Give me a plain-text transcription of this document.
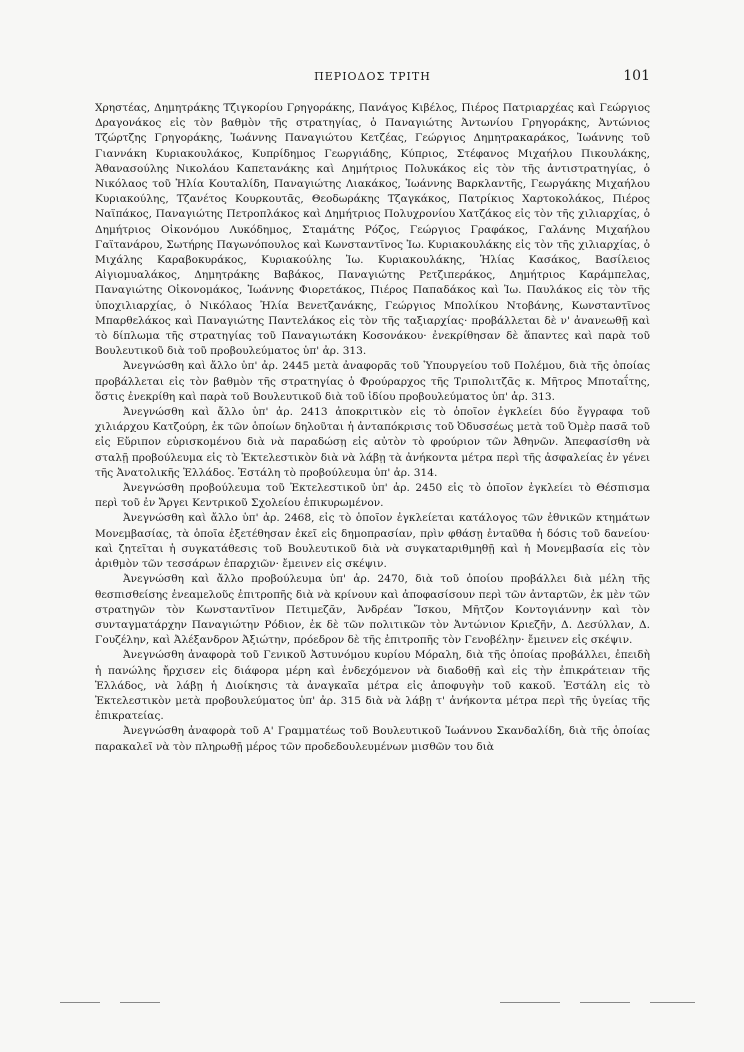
ΠΕΡΙΟΔΟΣ ΤΡΙΤΗ	101

Χρηστέας, Δημητράκης Τζιγκορίου Γρηγοράκης, Πανάγος Κιβέλος, Πιέρος Πατριαρχέας καὶ Γεώργιος Δραγονάκος εἰς τὸν βαθμὸν τῆς στρατηγίας, ὁ Παναγιώτης Ἀντωνίου Γρηγοράκης, Ἀντώνιος Τζώρτζης Γρηγοράκης, Ἰωάννης Παναγιώτου Κετζέας, Γεώργιος Δημητρακαράκος, Ἰωάννης τοῦ Γιαννάκη Κυριακουλάκος, Κυπρίδημος Γεωργιάδης, Κύπριος, Στέφανος Μιχαήλου Πικουλάκης, Ἀθανασούλης Νικολάου Καπετανάκης καὶ Δημήτριος Πολυκάκος εἰς τὸν τῆς ἀντιστρατηγίας, ὁ Νικόλαος τοῦ Ἠλία Κουταλίδη, Παναγιώτης Λιακάκος, Ἰωάννης Βαρκλαντῆς, Γεωργάκης Μιχαήλου Κυριακούλης, Τζανέτος Κουρκουτᾶς, Θεοδωράκης Τζαγκάκος, Πατρίκιος Χαρτοκολάκος, Πιέρος Ναϊπάκος, Παναγιώτης Πετροπλάκος καὶ Δημήτριος Πολυχρονίου Χατζάκος εἰς τὸν τῆς χιλιαρχίας, ὁ Δημήτριος Οἰκονόμου Λυκόδημος, Σταμάτης Ρόζος, Γεώργιος Γραφάκος, Γαλάνης Μιχαήλου Γαϊτανάρου, Σωτήρης Παγωνόπουλος καὶ Κωνσταντῖνος Ἰω. Κυριακουλάκης εἰς τὸν τῆς χιλιαρχίας, ὁ Μιχάλης Καραβοκυράκος, Κυριακούλης Ἰω. Κυριακουλάκης, Ἠλίας Κασάκος, Βασίλειος Αἰγιομυαλάκος, Δημητράκης Βαβάκος, Παναγιώτης Ρετζιπεράκος, Δημήτριος Καράμπελας, Παναγιώτης Οἰκονομάκος, Ἰωάννης Φιορετάκος, Πιέρος Παπαδάκος καὶ Ἰω. Παυλάκος εἰς τὸν τῆς ὑποχιλιαρχίας, ὁ Νικόλαος Ἠλία Βενετζανάκης, Γεώργιος Μπολίκου Ντοβάνης, Κωνσταντῖνος Μπαρθελάκος καὶ Παναγιώτης Παντελάκος εἰς τὸν τῆς ταξιαρχίας· προβάλλεται δὲ ν' ἀνανεωθῇ καὶ τὸ δίπλωμα τῆς στρατηγίας τοῦ Παναγιωτάκη Κοσονάκου· ἐνεκρίθησαν δὲ ἅπαντες καὶ παρὰ τοῦ Βουλευτικοῦ διὰ τοῦ προβουλεύματος ὑπ' ἀρ. 313.

Ἀνεγνώσθη καὶ ἄλλο ὑπ' ἀρ. 2445 μετὰ ἀναφορᾶς τοῦ Ὑπουργείου τοῦ Πολέμου, διὰ τῆς ὁποίας προβάλλεται εἰς τὸν βαθμὸν τῆς στρατηγίας ὁ Φρούραρχος τῆς Τριπολιτζᾶς κ. Μῆτρος Μποταΐτης, ὅστις ἐνεκρίθη καὶ παρὰ τοῦ Βουλευτικοῦ διὰ τοῦ ἰδίου προβουλεύματος ὑπ' ἀρ. 313.

Ἀνεγνώσθη καὶ ἄλλο ὑπ' ἀρ. 2413 ἀποκριτικὸν εἰς τὸ ὁποῖον ἐγκλείει δύο ἔγγραφα τοῦ χιλιάρχου Κατζούρη, ἐκ τῶν ὁποίων δηλοῦται ἡ ἀνταπόκρισις τοῦ Ὀδυσσέως μετὰ τοῦ Ὀμὲρ πασᾶ τοῦ εἰς Εὔριπον εὑρισκομένου διὰ νὰ παραδώσῃ εἰς αὐτὸν τὸ φρούριον τῶν Ἀθηνῶν. Ἀπεφασίσθη νὰ σταλῇ προβούλευμα εἰς τὸ Ἐκτελεστικὸν διὰ νὰ λάβῃ τὰ ἀνήκοντα μέτρα περὶ τῆς ἀσφαλείας ἐν γένει τῆς Ἀνατολικῆς Ἑλλάδος. Ἐστάλη τὸ προβούλευμα ὑπ' ἀρ. 314.

Ἀνεγνώσθη προβούλευμα τοῦ Ἐκτελεστικοῦ ὑπ' ἀρ. 2450 εἰς τὸ ὁποῖον ἐγκλείει τὸ Θέσπισμα περὶ τοῦ ἐν Ἄργει Κεντρικοῦ Σχολείου ἐπικυρωμένον.

Ἀνεγνώσθη καὶ ἄλλο ὑπ' ἀρ. 2468, εἰς τὸ ὁποῖον ἐγκλείεται κατάλογος τῶν ἐθνικῶν κτημάτων Μονεμβασίας, τὰ ὁποῖα ἐξετέθησαν ἐκεῖ εἰς δημοπρασίαν, πρὶν φθάσῃ ἐνταῦθα ἡ δόσις τοῦ δανείου· καὶ ζητεῖται ἡ συγκατάθεσις τοῦ Βουλευτικοῦ διὰ νὰ συγκαταριθμηθῇ καὶ ἡ Μονεμβασία εἰς τὸν ἀριθμὸν τῶν τεσσάρων ἐπαρχιῶν· ἔμεινεν εἰς σκέψιν.

Ἀνεγνώσθη καὶ ἄλλο προβούλευμα ὑπ' ἀρ. 2470, διὰ τοῦ ὁποίου προβάλλει διὰ μέλη τῆς θεσπισθείσης ἐνεαμελοῦς ἐπιτροπῆς διὰ νὰ κρίνουν καὶ ἀποφασίσουν περὶ τῶν ἀνταρτῶν, ἐκ μὲν τῶν στρατηγῶν τὸν Κωνσταντῖνον Πετιμεζᾶν, Ἀνδρέαν Ἴσκου, Μῆτζον Κοντογιάννην καὶ τὸν συνταγματάρχην Παναγιώτην Ρόδιον, ἐκ δὲ τῶν πολιτικῶν τὸν Ἀντώνιον Κριεζῆν, Δ. Δεσύλλαν, Δ. Γουζέλην, καὶ Ἀλέξανδρον Ἀξιώτην, πρόεδρον δὲ τῆς ἐπιτροπῆς τὸν Γενοβέλην· ἔμεινεν εἰς σκέψιν.

Ἀνεγνώσθη ἀναφορὰ τοῦ Γενικοῦ Ἀστυνόμου κυρίου Μόραλη, διὰ τῆς ὁποίας προβάλλει, ἐπειδὴ ἡ πανώλης ἤρχισεν εἰς διάφορα μέρη καὶ ἐνδεχόμενον νὰ διαδοθῇ καὶ εἰς τὴν ἐπικράτειαν τῆς Ἑλλάδος, νὰ λάβῃ ἡ Διοίκησις τὰ ἀναγκαῖα μέτρα εἰς ἀποφυγὴν τοῦ κακοῦ. Ἐστάλη εἰς τὸ Ἐκτελεστικὸν μετὰ προβουλεύματος ὑπ' ἀρ. 315 διὰ νὰ λάβῃ τ' ἀνήκοντα μέτρα περὶ τῆς ὑγείας τῆς ἐπικρατείας.

Ἀνεγνώσθη ἀναφορὰ τοῦ Α' Γραμματέως τοῦ Βουλευτικοῦ Ἰωάννου Σκανδαλίδη, διὰ τῆς ὁποίας παρακαλεῖ νὰ τὸν πληρωθῇ μέρος τῶν προδεδουλευμένων μισθῶν του διὰ
